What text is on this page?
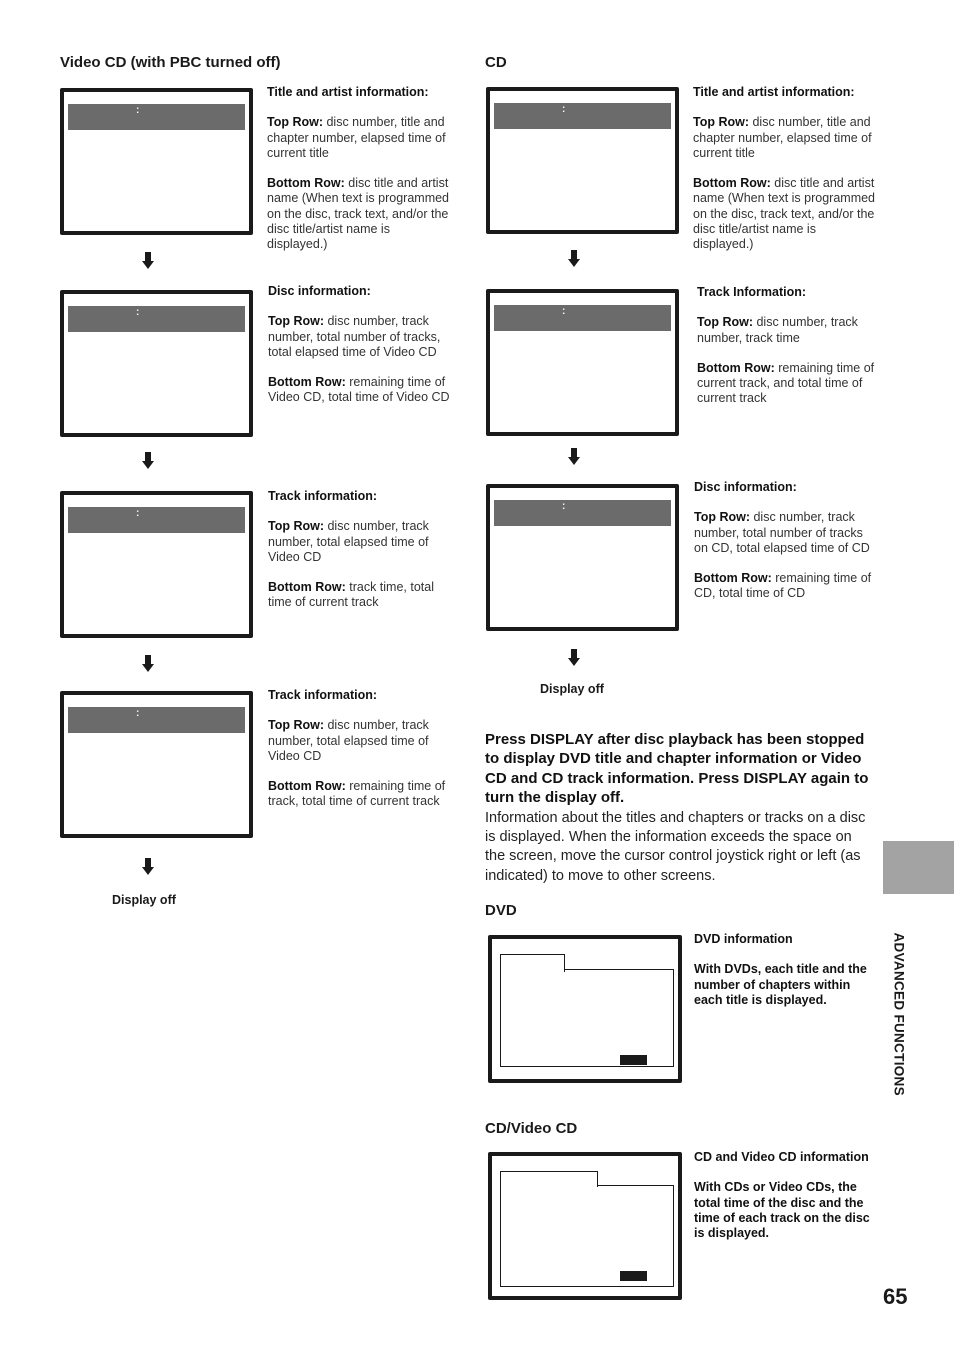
Video CD (with PBC turned off)
:

Title and artist information:

Top Row: disc number, title and chapter number, elapsed time of current title

Bottom Row: disc title and artist name (When text is programmed on the disc, track text, and/or the disc title/artist name is displayed.)

:

Disc information:

Top Row: disc number, track number, total number of tracks, total elapsed time of Video CD

Bottom Row: remaining time of Video CD, total time of Video CD

:

Track information:

Top Row: disc number, track number, total elapsed time of Video CD

Bottom Row: track time, total time of current track

:

Track information:

Top Row: disc number, track number, total elapsed time of Video CD

Bottom Row: remaining time of track, total time of current track

Display off
CD
:

Title and artist information:

Top Row: disc number, title and chapter number, elapsed time of current title

Bottom Row: disc title and artist name (When text is programmed on the disc, track text, and/or the disc title/artist name is displayed.)

:

Track Information:

Top Row: disc number, track number, track time

Bottom Row: remaining time of current track, and total time of current track

:

Disc information:

Top Row: disc number, track number, total number of tracks on CD, total elapsed time of CD

Bottom Row: remaining time of CD, total time of CD

Display off
Press DISPLAY after disc playback has been stopped to display DVD title and chapter information or Video CD and CD track information. Press DISPLAY again to turn the display off.
Information about the titles and chapters or tracks on a disc is displayed. When the information exceeds the space on the screen, move the cursor control joystick right or left (as indicated) to move to other screens.
DVD

DVD information

With DVDs, each title and the number of chapters within each title is displayed.

CD/Video CD

CD and Video CD information

With CDs or Video CDs, the total time of the disc and the time of each track on the disc is displayed.

ADVANCED FUNCTIONS
65
